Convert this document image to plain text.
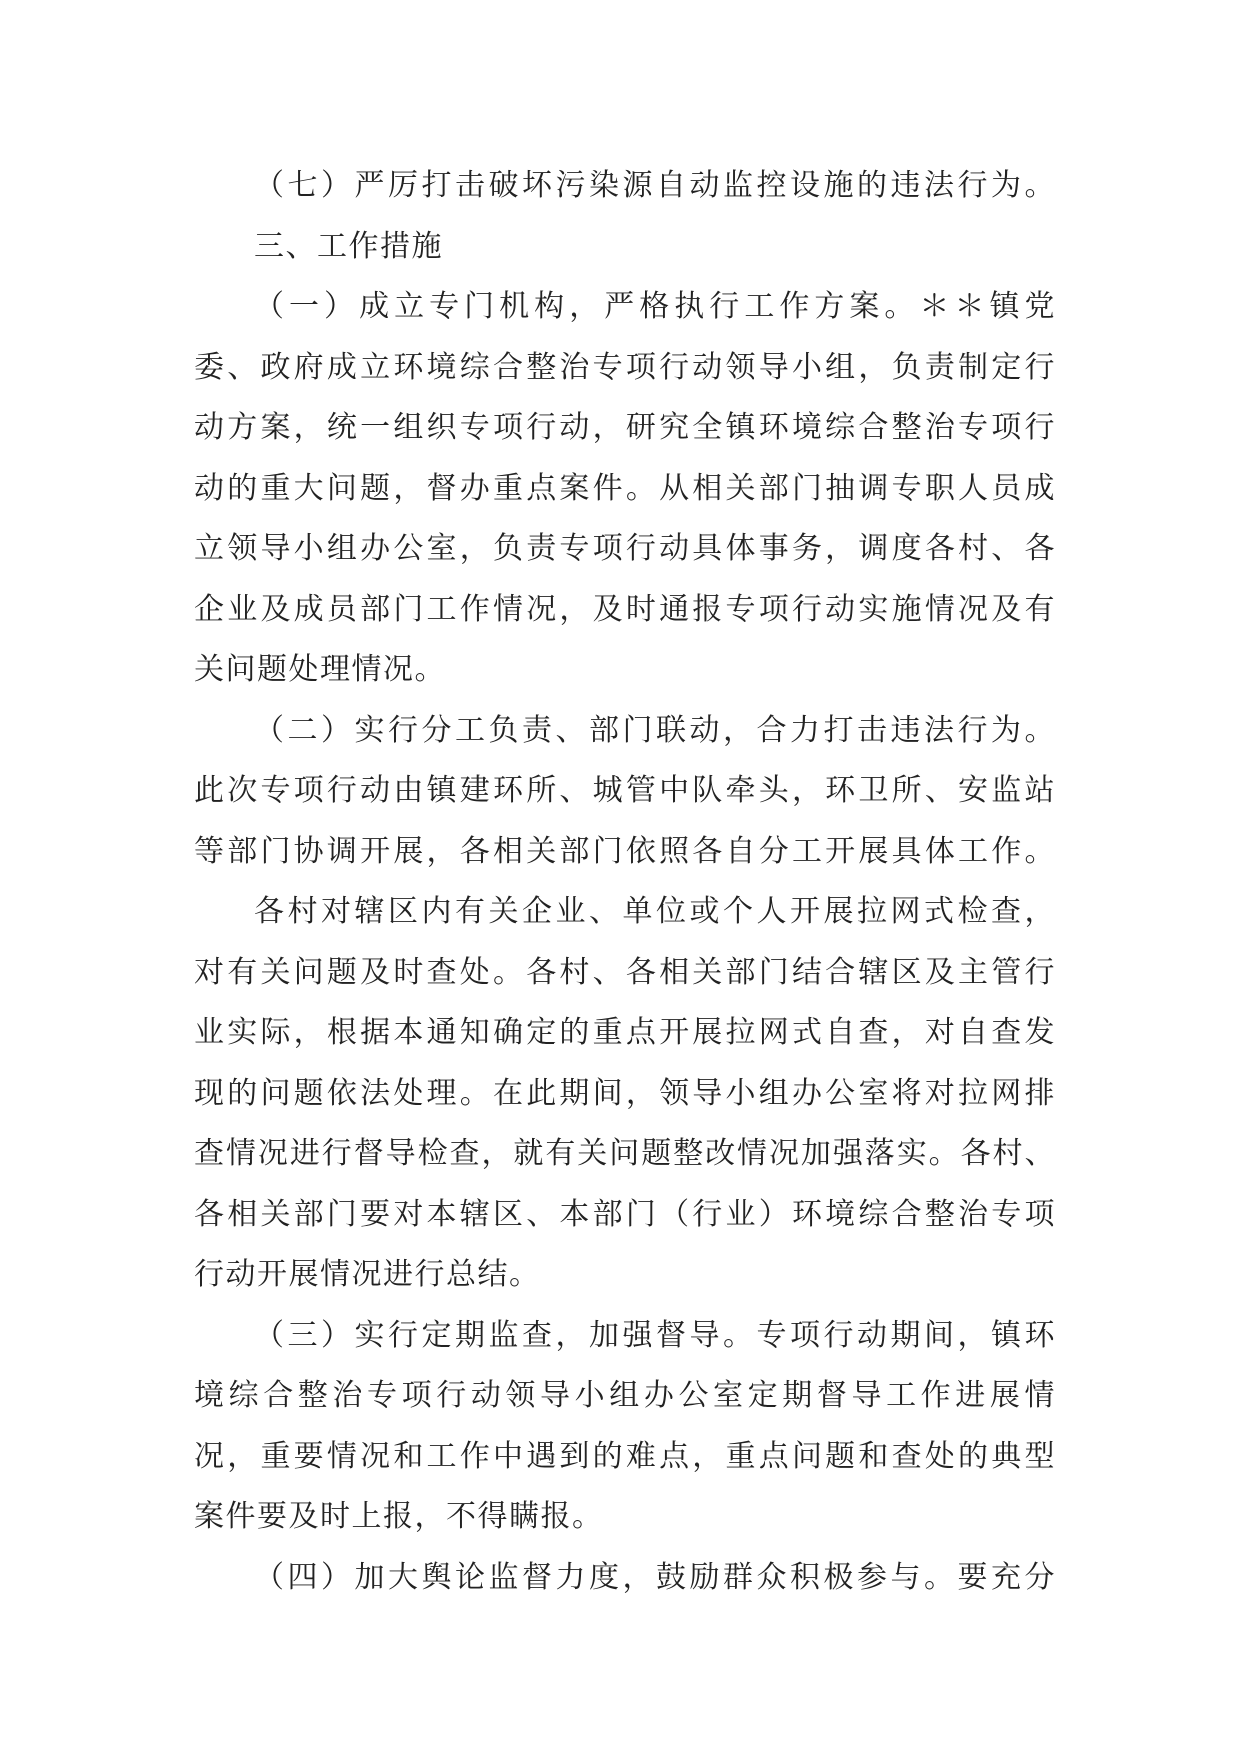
（七）严厉打击破坏污染源自动监控设施的违法行为。
三、工作措施
（一）成立专门机构，严格执行工作方案。＊＊镇党
委、政府成立环境综合整治专项行动领导小组，负责制定行
动方案，统一组织专项行动，研究全镇环境综合整治专项行
动的重大问题，督办重点案件。从相关部门抽调专职人员成
立领导小组办公室，负责专项行动具体事务，调度各村、各
企业及成员部门工作情况，及时通报专项行动实施情况及有
关问题处理情况。
（二）实行分工负责、部门联动，合力打击违法行为。
此次专项行动由镇建环所、城管中队牵头，环卫所、安监站
等部门协调开展，各相关部门依照各自分工开展具体工作。
各村对辖区内有关企业、单位或个人开展拉网式检查，
对有关问题及时查处。各村、各相关部门结合辖区及主管行
业实际，根据本通知确定的重点开展拉网式自查，对自查发
现的问题依法处理。在此期间，领导小组办公室将对拉网排
查情况进行督导检查，就有关问题整改情况加强落实。各村、
各相关部门要对本辖区、本部门（行业）环境综合整治专项
行动开展情况进行总结。
（三）实行定期监查，加强督导。专项行动期间，镇环
境综合整治专项行动领导小组办公室定期督导工作进展情
况，重要情况和工作中遇到的难点，重点问题和查处的典型
案件要及时上报，不得瞒报。
（四）加大舆论监督力度，鼓励群众积极参与。要充分
